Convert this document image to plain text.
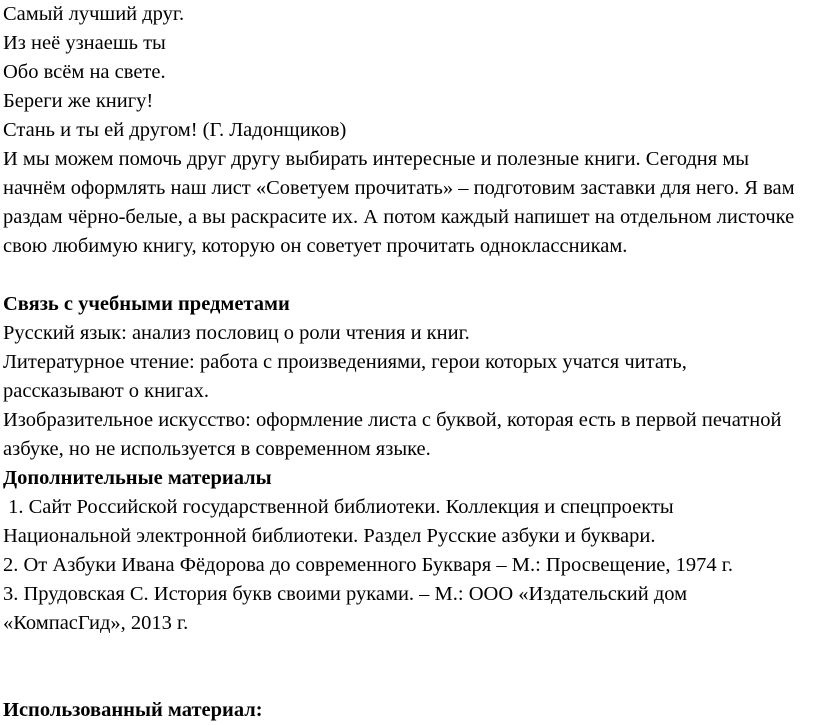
Самый лучший друг.
Из неё узнаешь ты
Обо всём на свете.
Береги же книгу!
Стань и ты ей другом! (Г. Ладонщиков)
И мы можем помочь друг другу выбирать интересные и полезные книги. Сегодня мы
начнём оформлять наш лист «Советуем прочитать» – подготовим заставки для него. Я вам
раздам чёрно-белые, а вы раскрасите их. А потом каждый напишет на отдельном листочке
свою любимую книгу, которую он советует прочитать одноклассникам.
Связь с учебными предметами
Русский язык: анализ пословиц о роли чтения и книг.
Литературное чтение: работа с произведениями, герои которых учатся читать,
рассказывают о книгах.
Изобразительное искусство: оформление листа с буквой, которая есть в первой печатной
азбуке, но не используется в современном языке.
Дополнительные материалы
1. Сайт Российской государственной библиотеки. Коллекция и спецпроекты
Национальной электронной библиотеки. Раздел Русские азбуки и буквари.
2. От Азбуки Ивана Фёдорова до современного Букваря – М.: Просвещение, 1974 г.
3. Прудовская С. История букв своими руками. – М.: ООО «Издательский дом
«КомпасГид», 2013 г.
Использованный материал:
